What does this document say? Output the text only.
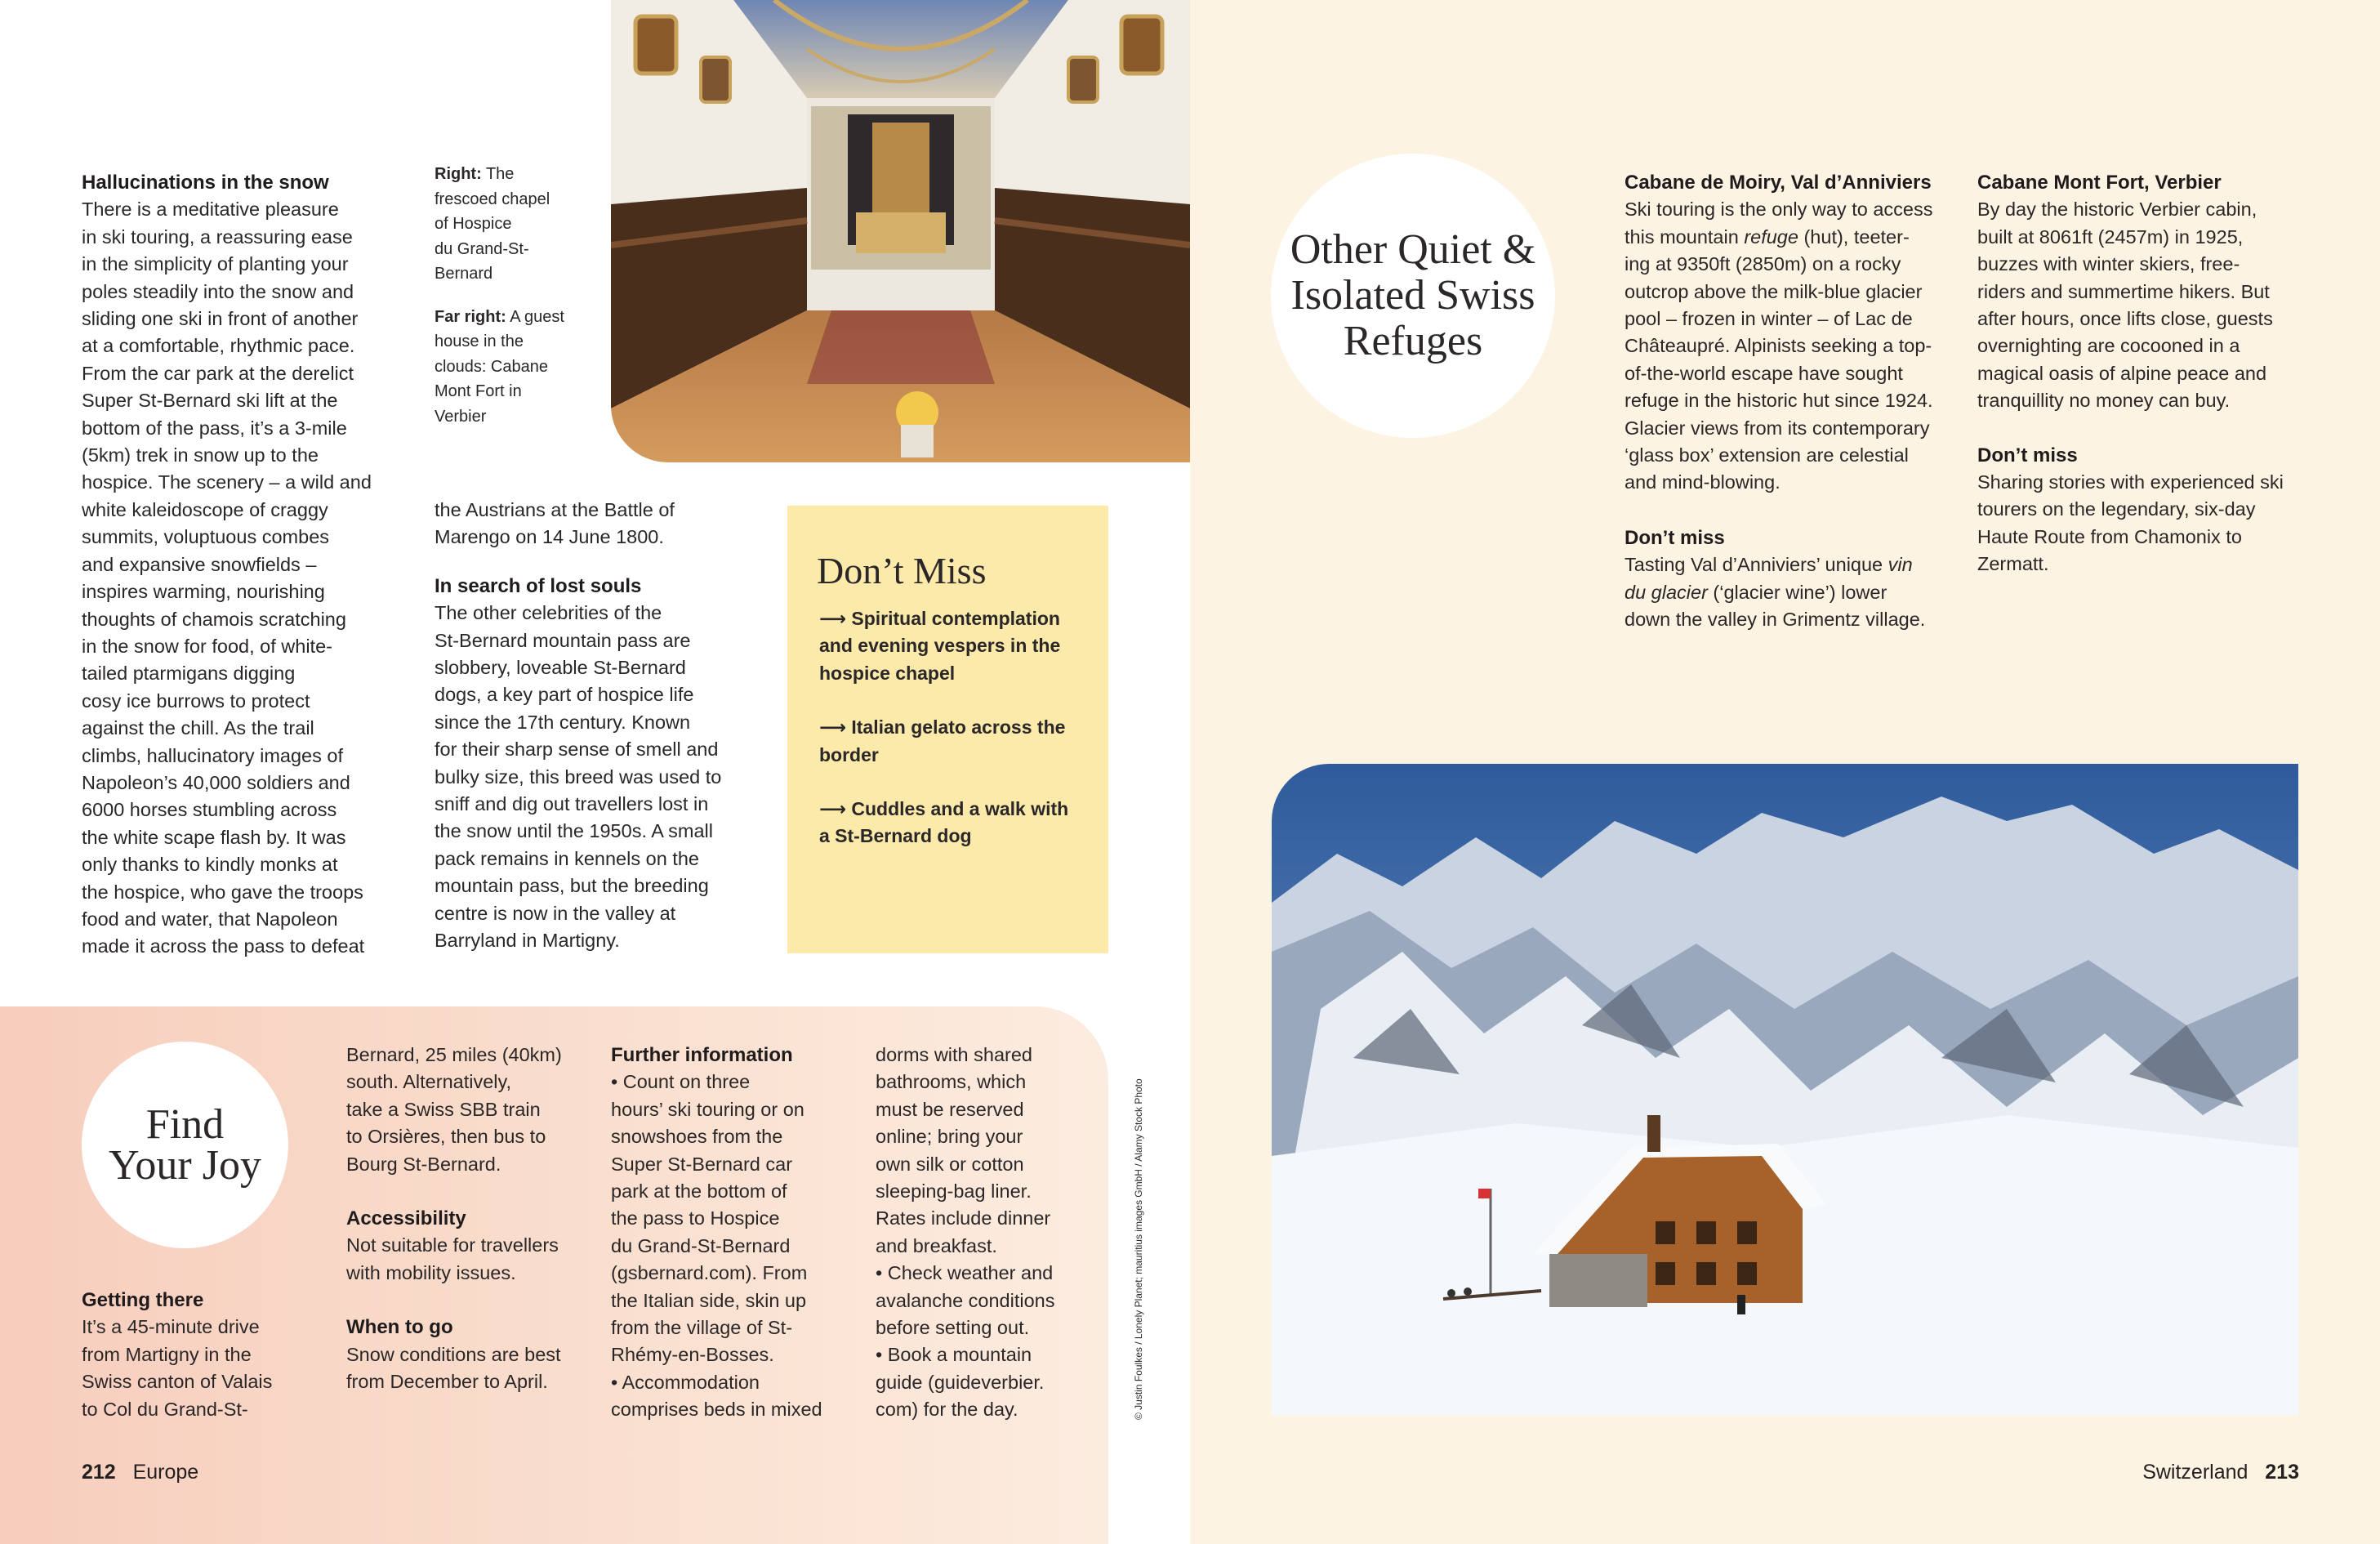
Hallucinations in the snow
There is a meditative pleasure
in ski touring, a reassuring ease
in the simplicity of planting your
poles steadily into the snow and
sliding one ski in front of another
at a comfortable, rhythmic pace.
From the car park at the derelict
Super St-Bernard ski lift at the
bottom of the pass, it’s a 3-mile
(5km) trek in snow up to the
hospice. The scenery – a wild and
white kaleidoscope of craggy
summits, voluptuous combes
and expansive snowfields –
inspires warming, nourishing
thoughts of chamois scratching
in the snow for food, of white-
tailed ptarmigans digging
cosy ice burrows to protect
against the chill. As the trail
climbs, hallucinatory images of
Napoleon’s 40,000 soldiers and
6000 horses stumbling across
the white scape flash by. It was
only thanks to kindly monks at
the hospice, who gave the troops
food and water, that Napoleon
made it across the pass to defeat

Right: The
frescoed chapel
of Hospice
du Grand-St-
Bernard

Far right: A guest
house in the
clouds: Cabane
Mont Fort in
Verbier

the Austrians at the Battle of
Marengo on 14 June 1800.
In search of lost souls
The other celebrities of the
St-Bernard mountain pass are
slobbery, loveable St-Bernard
dogs, a key part of hospice life
since the 17th century. Known
for their sharp sense of smell and
bulky size, this breed was used to
sniff and dig out travellers lost in
the snow until the 1950s. A small
pack remains in kennels on the
mountain pass, but the breeding
centre is now in the valley at
Barryland in Martigny.
Don’t Miss
⟶ Spiritual contemplation
and evening vespers in the
hospice chapel
⟶ Italian gelato across the
border
⟶ Cuddles and a walk with
a St-Bernard dog
Find
Your Joy
Getting there
It’s a 45-minute drive
from Martigny in the
Swiss canton of Valais
to Col du Grand-St-
Bernard, 25 miles (40km)
south. Alternatively,
take a Swiss SBB train
to Orsières, then bus to
Bourg St-Bernard.
Accessibility
Not suitable for travellers
with mobility issues.
When to go
Snow conditions are best
from December to April.
Further information
• Count on three
hours’ ski touring or on
snowshoes from the
Super St-Bernard car
park at the bottom of
the pass to Hospice
du Grand-St-Bernard
(gsbernard.com). From
the Italian side, skin up
from the village of St-
Rhémy-en-Bosses.
• Accommodation
comprises beds in mixed
dorms with shared
bathrooms, which
must be reserved
online; bring your
own silk or cotton
sleeping-bag liner.
Rates include dinner
and breakfast.
• Check weather and
avalanche conditions
before setting out.
• Book a mountain
guide (guideverbier.
com) for the day.	© Justin Foulkes / Lonely Planet; mauritius images GmbH / Alamy Stock Photo
212 Europe
Other Quiet &
Isolated Swiss
Refuges
Cabane de Moiry, Val d’Anniviers
Ski touring is the only way to access
this mountain refuge (hut), teeter-
ing at 9350ft (2850m) on a rocky
outcrop above the milk-blue glacier
pool – frozen in winter – of Lac de
Châteaupré. Alpinists seeking a top-
of-the-world escape have sought
refuge in the historic hut since 1924.
Glacier views from its contemporary
‘glass box’ extension are celestial
and mind-blowing.
Don’t miss
Tasting Val d’Anniviers’ unique vin
du glacier (‘glacier wine’) lower
down the valley in Grimentz village.
Cabane Mont Fort, Verbier
By day the historic Verbier cabin,
built at 8061ft (2457m) in 1925,
buzzes with winter skiers, free-
riders and summertime hikers. But
after hours, once lifts close, guests
overnighting are cocooned in a
magical oasis of alpine peace and
tranquillity no money can buy.
Don’t miss
Sharing stories with experienced ski
tourers on the legendary, six-day
Haute Route from Chamonix to
Zermatt.
Switzerland 213
